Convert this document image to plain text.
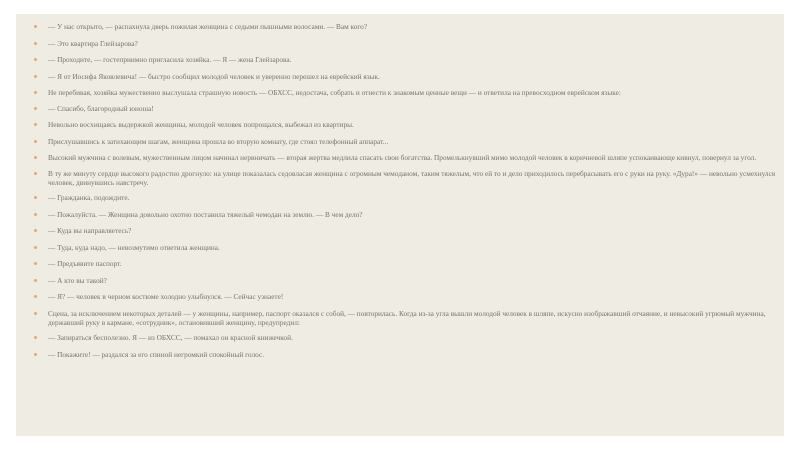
— У нас открыто, — распахнула дверь пожилая женщина с седыми пышными волосами. — Вам кого?
— Это квартира Глейзарова?
— Проходите, — гостеприимно пригласила хозяйка. — Я — жена Глейзарова.
— Я от Иосифа Яковлевича! — быстро сообщил молодой человек и уверенно перешел на еврейский язык.
Не перебивая, хозяйка мужественно выслушала страшную новость — ОБХСС, недостача, собрать и отнести к знакомым ценные вещи — и ответила на превосходном еврейском языке:
— Спасибо, благородный юноша!
Невольно восхищаясь выдержкой женщины, молодой человек попрощался, выбежал из квартиры.
Прислушавшись к затихающим шагам, женщина прошла во вторую комнату, где стоял телефонный аппарат...
Высокий мужчина с волевым, мужественным лицом начинал нервничать — вторая жертва медлила спасать свои богатства. Промелькнувший мимо молодой человек в коричневой шляпе успокаивающе кивнул, повернул за угол.
В ту же минуту сердце высокого радостно дрогнуло: на улице показалась седовласая женщина с огромным чемоданом, таким тяжелым, что ей то и дело приходилось перебрасывать его с руки на руку. «Дура!» — невольно усмехнулся человек, двинувшись навстречу.
— Гражданка, подождите.
— Пожалуйста. — Женщина довольно охотно поставила тяжелый чемодан на землю. — В чем дело?
— Куда вы направляетесь?
— Туда, куда надо, — невозмутимо ответила женщина.
— Предъявите паспорт.
— А кто вы такой?
— Я? — человек в черном костюме холодно улыбнулся. — Сейчас узнаете!
Сцена, за исключением некоторых деталей — у женщины, например, паспорт оказался с собой, — повторилась. Когда из-за угла вышли молодой человек в шляпе, искусно изображавший отчаяние, и невысокий угрюмый мужчина, державший руку в кармане, «сотрудник», остановивший женщину, предупредил:
— Запираться бесполезно. Я — из ОБХСС, — помахал он красной книжечкой.
— Покажите! — раздался за его спиной негромкий спокойный голос.
